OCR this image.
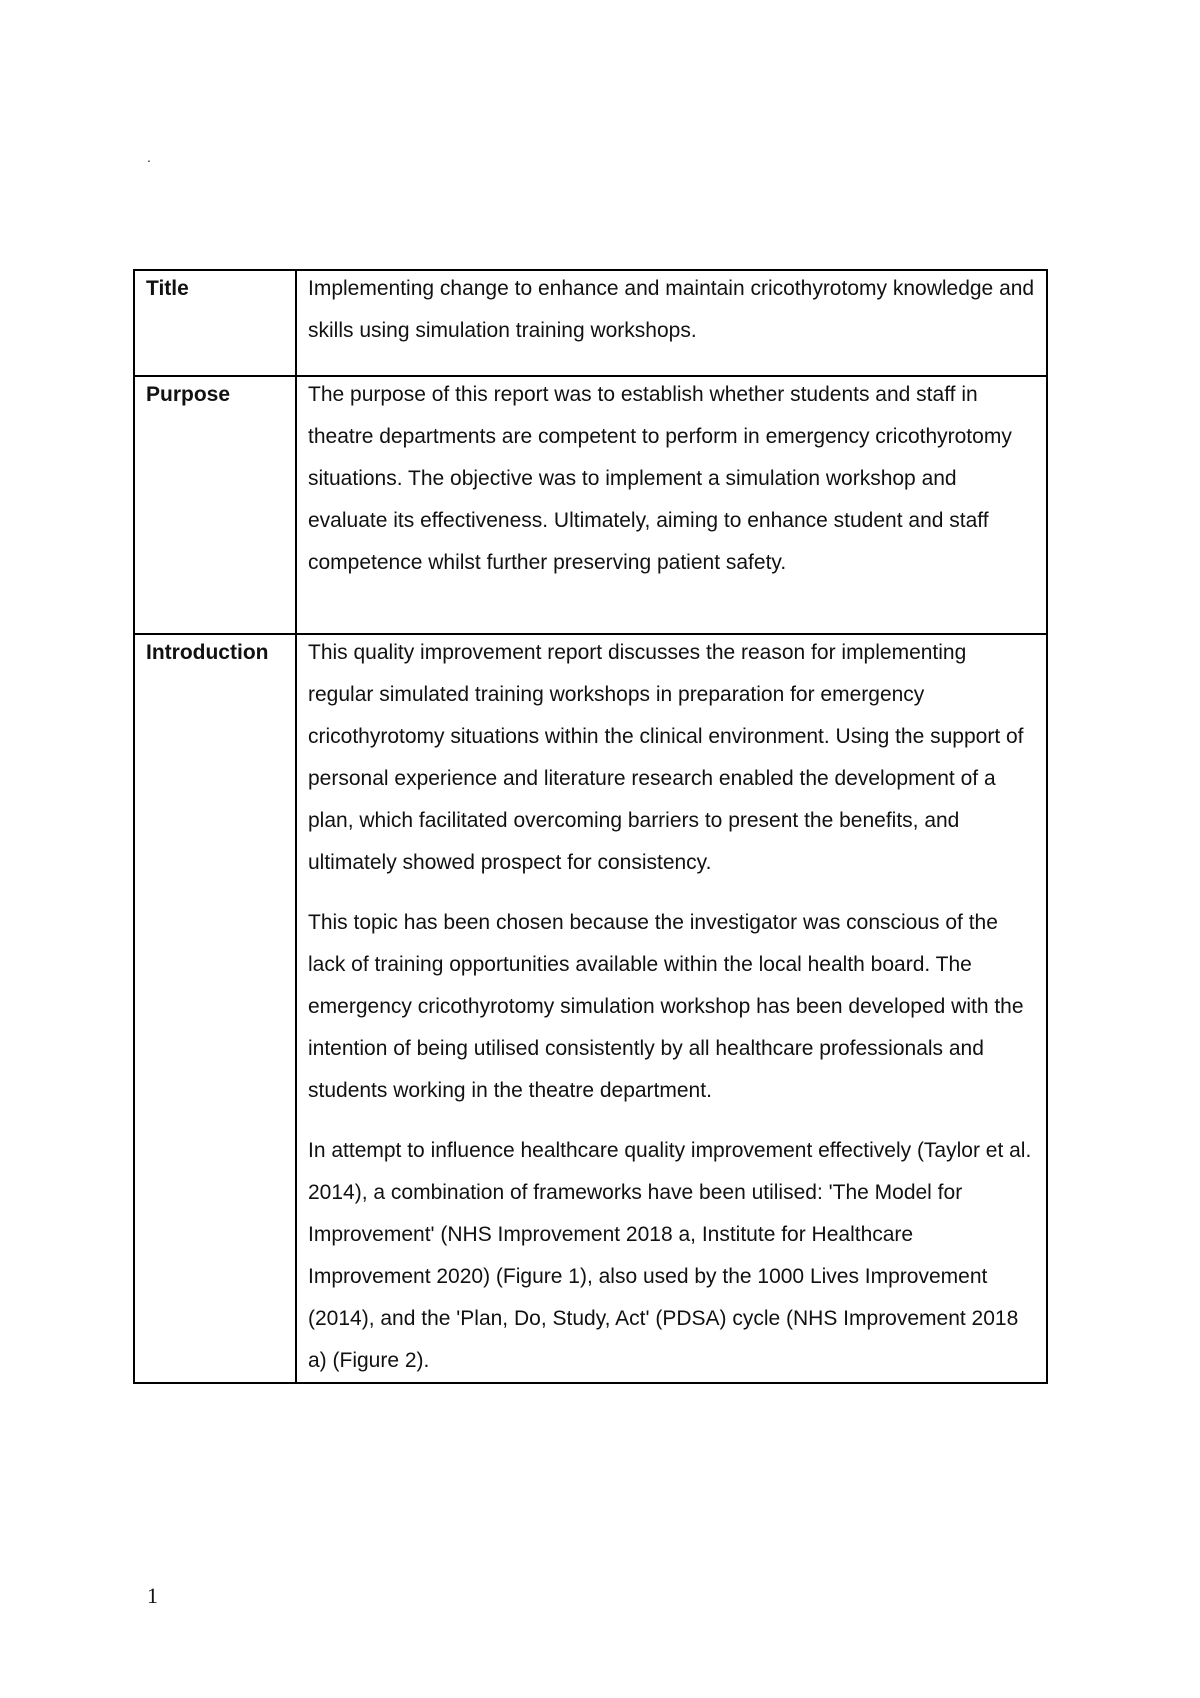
.
Title	Implementing change to enhance and maintain cricothyrotomy knowledge and skills using simulation training workshops.

Purpose	The purpose of this report was to establish whether students and staff in theatre departments are competent to perform in emergency cricothyrotomy situations. The objective was to implement a simulation workshop and evaluate its effectiveness. Ultimately, aiming to enhance student and staff competence whilst further preserving patient safety.

Introduction	This quality improvement report discusses the reason for implementing regular simulated training workshops in preparation for emergency cricothyrotomy situations within the clinical environment. Using the support of personal experience and literature research enabled the development of a plan, which facilitated overcoming barriers to present the benefits, and ultimately showed prospect for consistency.

This topic has been chosen because the investigator was conscious of the lack of training opportunities available within the local health board. The emergency cricothyrotomy simulation workshop has been developed with the intention of being utilised consistently by all healthcare professionals and students working in the theatre department.

In attempt to influence healthcare quality improvement effectively (Taylor et al. 2014), a combination of frameworks have been utilised: 'The Model for Improvement' (NHS Improvement 2018 a, Institute for Healthcare Improvement 2020) (Figure 1), also used by the 1000 Lives Improvement (2014), and the 'Plan, Do, Study, Act' (PDSA) cycle (NHS Improvement 2018 a) (Figure 2).

1
